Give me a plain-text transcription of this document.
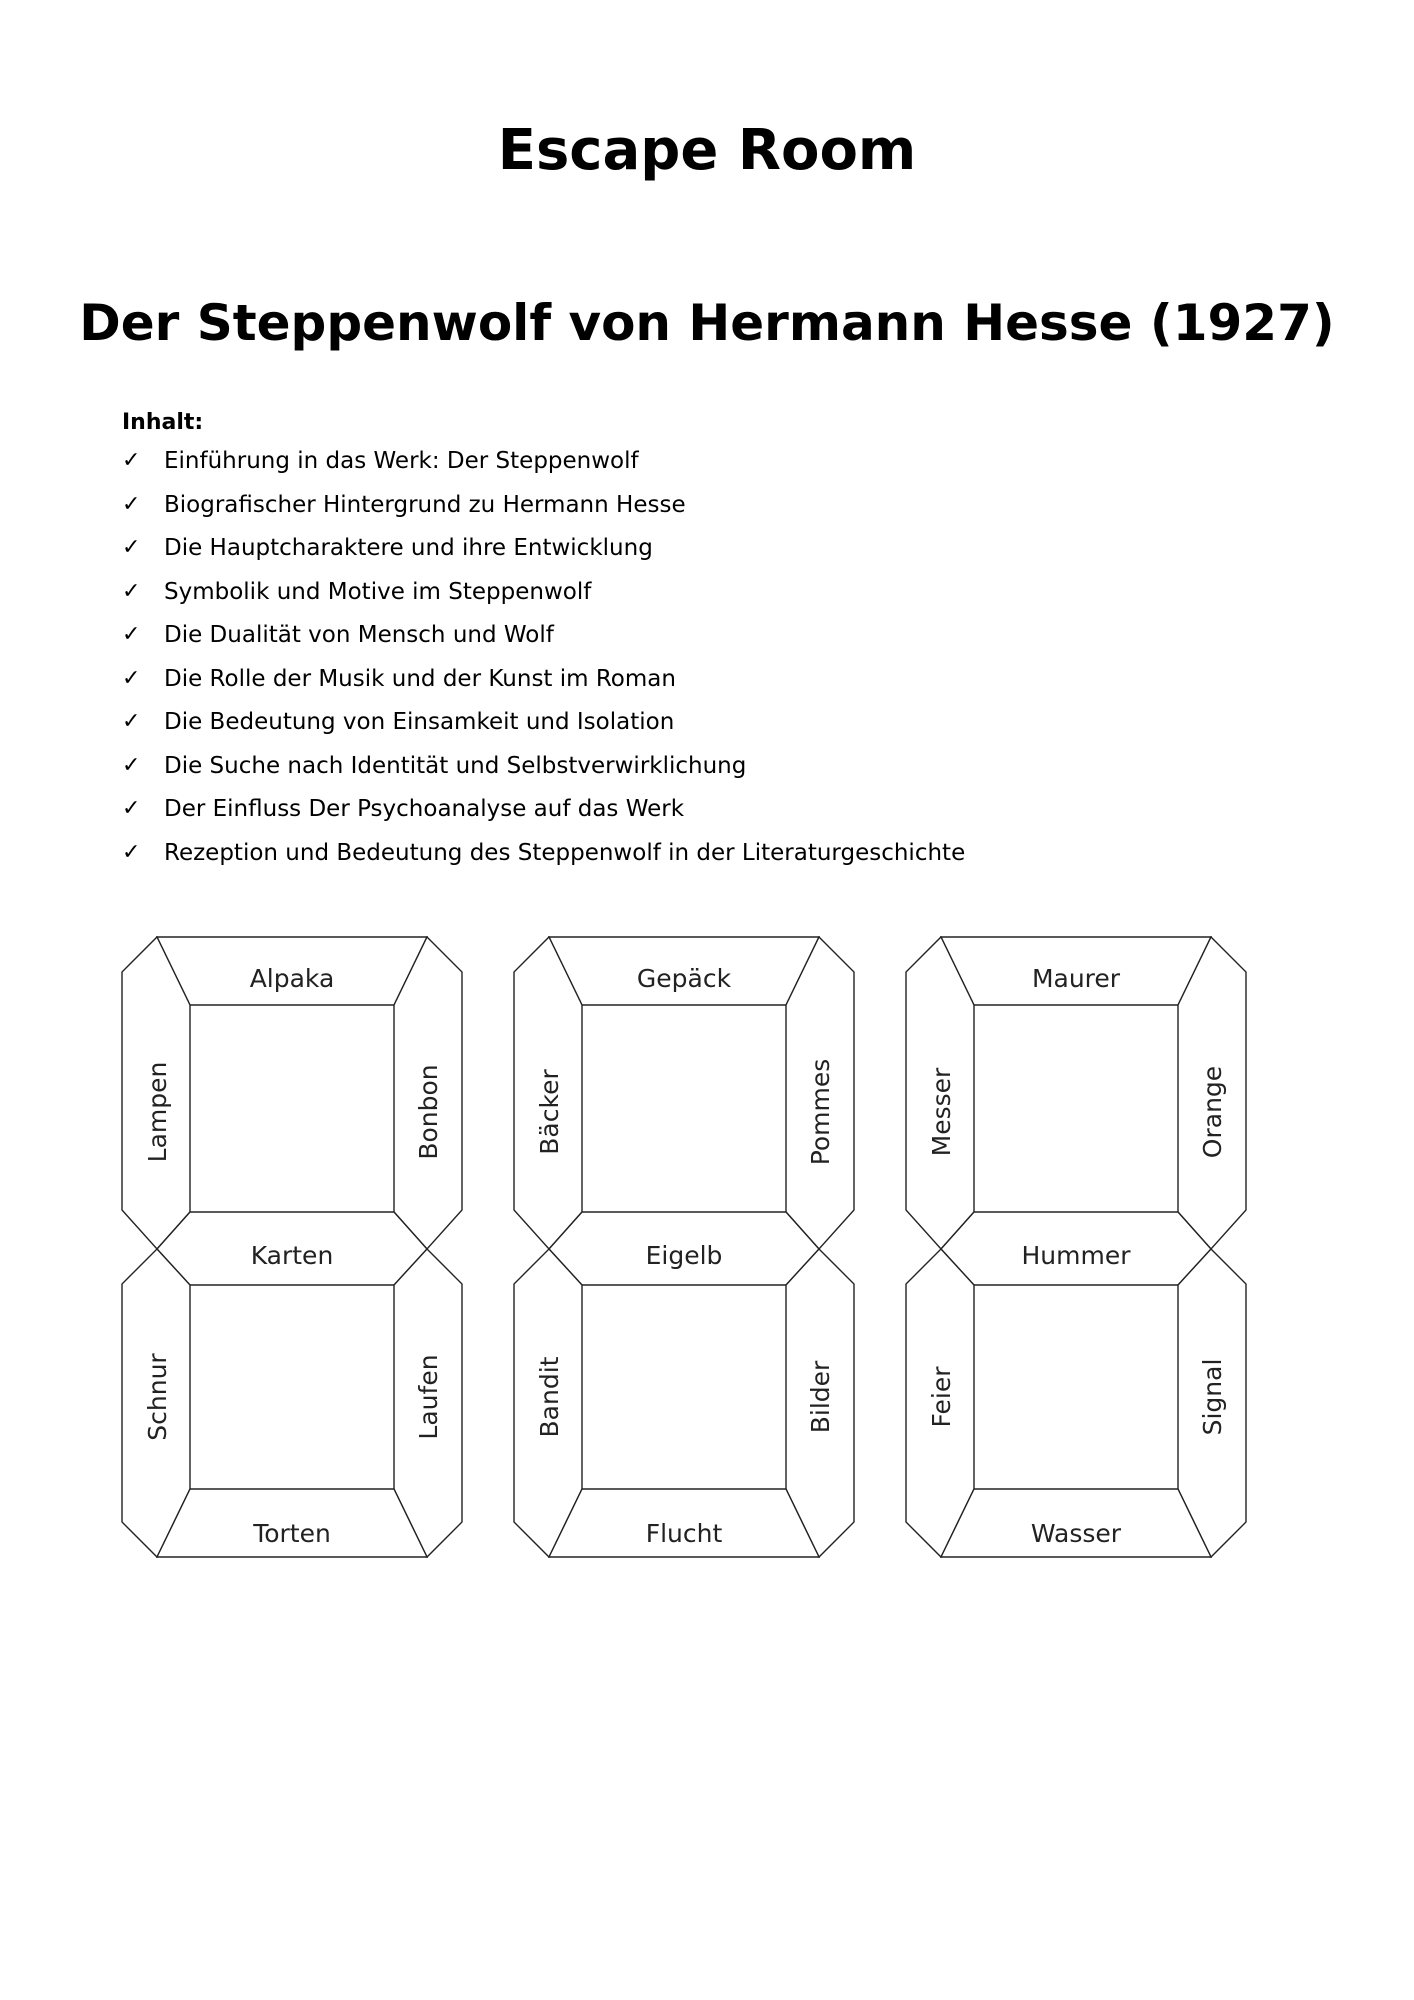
Escape Room
Der Steppenwolf von Hermann Hesse (1927)
Inhalt:
✓	Einführung in das Werk: Der Steppenwolf
✓	Biografischer Hintergrund zu Hermann Hesse
✓	Die Hauptcharaktere und ihre Entwicklung
✓	Symbolik und Motive im Steppenwolf
✓	Die Dualität von Mensch und Wolf
✓	Die Rolle der Musik und der Kunst im Roman
✓	Die Bedeutung von Einsamkeit und Isolation
✓	Die Suche nach Identität und Selbstverwirklichung
✓	Der Einfluss Der Psychoanalyse auf das Werk
✓	Rezeption und Bedeutung des Steppenwolf in der Literaturgeschichte
Alpaka
Lampen	Bonbon
Karten
Schnur	Laufen
Torten
Gepäck
Bäcker	Pommes
Eigelb
Bandit	Bilder
Flucht
Maurer
Messer	Orange
Hummer
Feier	Signal
Wasser
